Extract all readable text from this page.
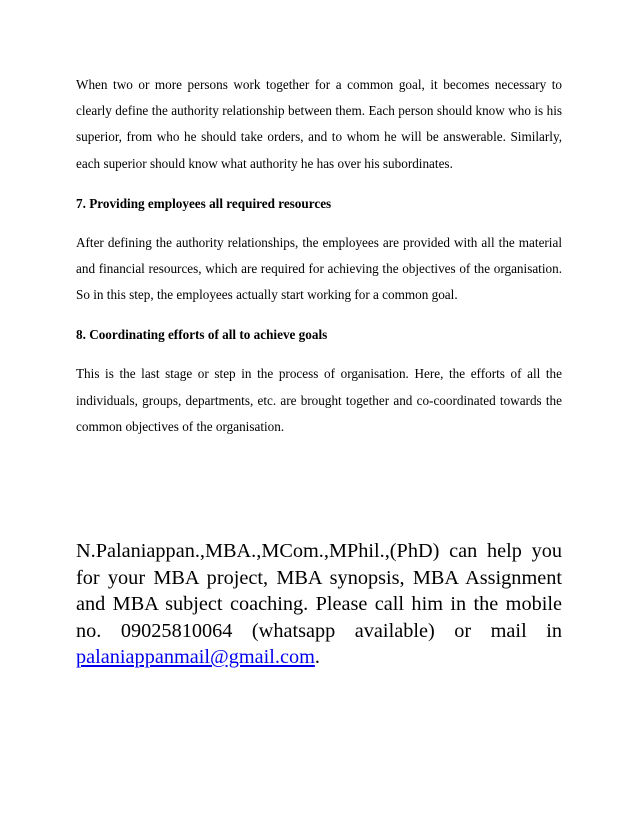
When two or more persons work together for a common goal, it becomes necessary to clearly define the authority relationship between them. Each person should know who is his superior, from who he should take orders, and to whom he will be answerable. Similarly, each superior should know what authority he has over his subordinates.

7. Providing employees all required resources

After defining the authority relationships, the employees are provided with all the material and financial resources, which are required for achieving the objectives of the organisation. So in this step, the employees actually start working for a common goal.

8. Coordinating efforts of all to achieve goals

This is the last stage or step in the process of organisation. Here, the efforts of all the individuals, groups, departments, etc. are brought together and co-coordinated towards the common objectives of the organisation.

N.Palaniappan.,MBA.,MCom.,MPhil.,(PhD) can help you for your MBA project, MBA synopsis, MBA Assignment and MBA subject coaching. Please call him in the mobile no. 09025810064 (whatsapp available) or mail in palaniappanmail@gmail.com.
